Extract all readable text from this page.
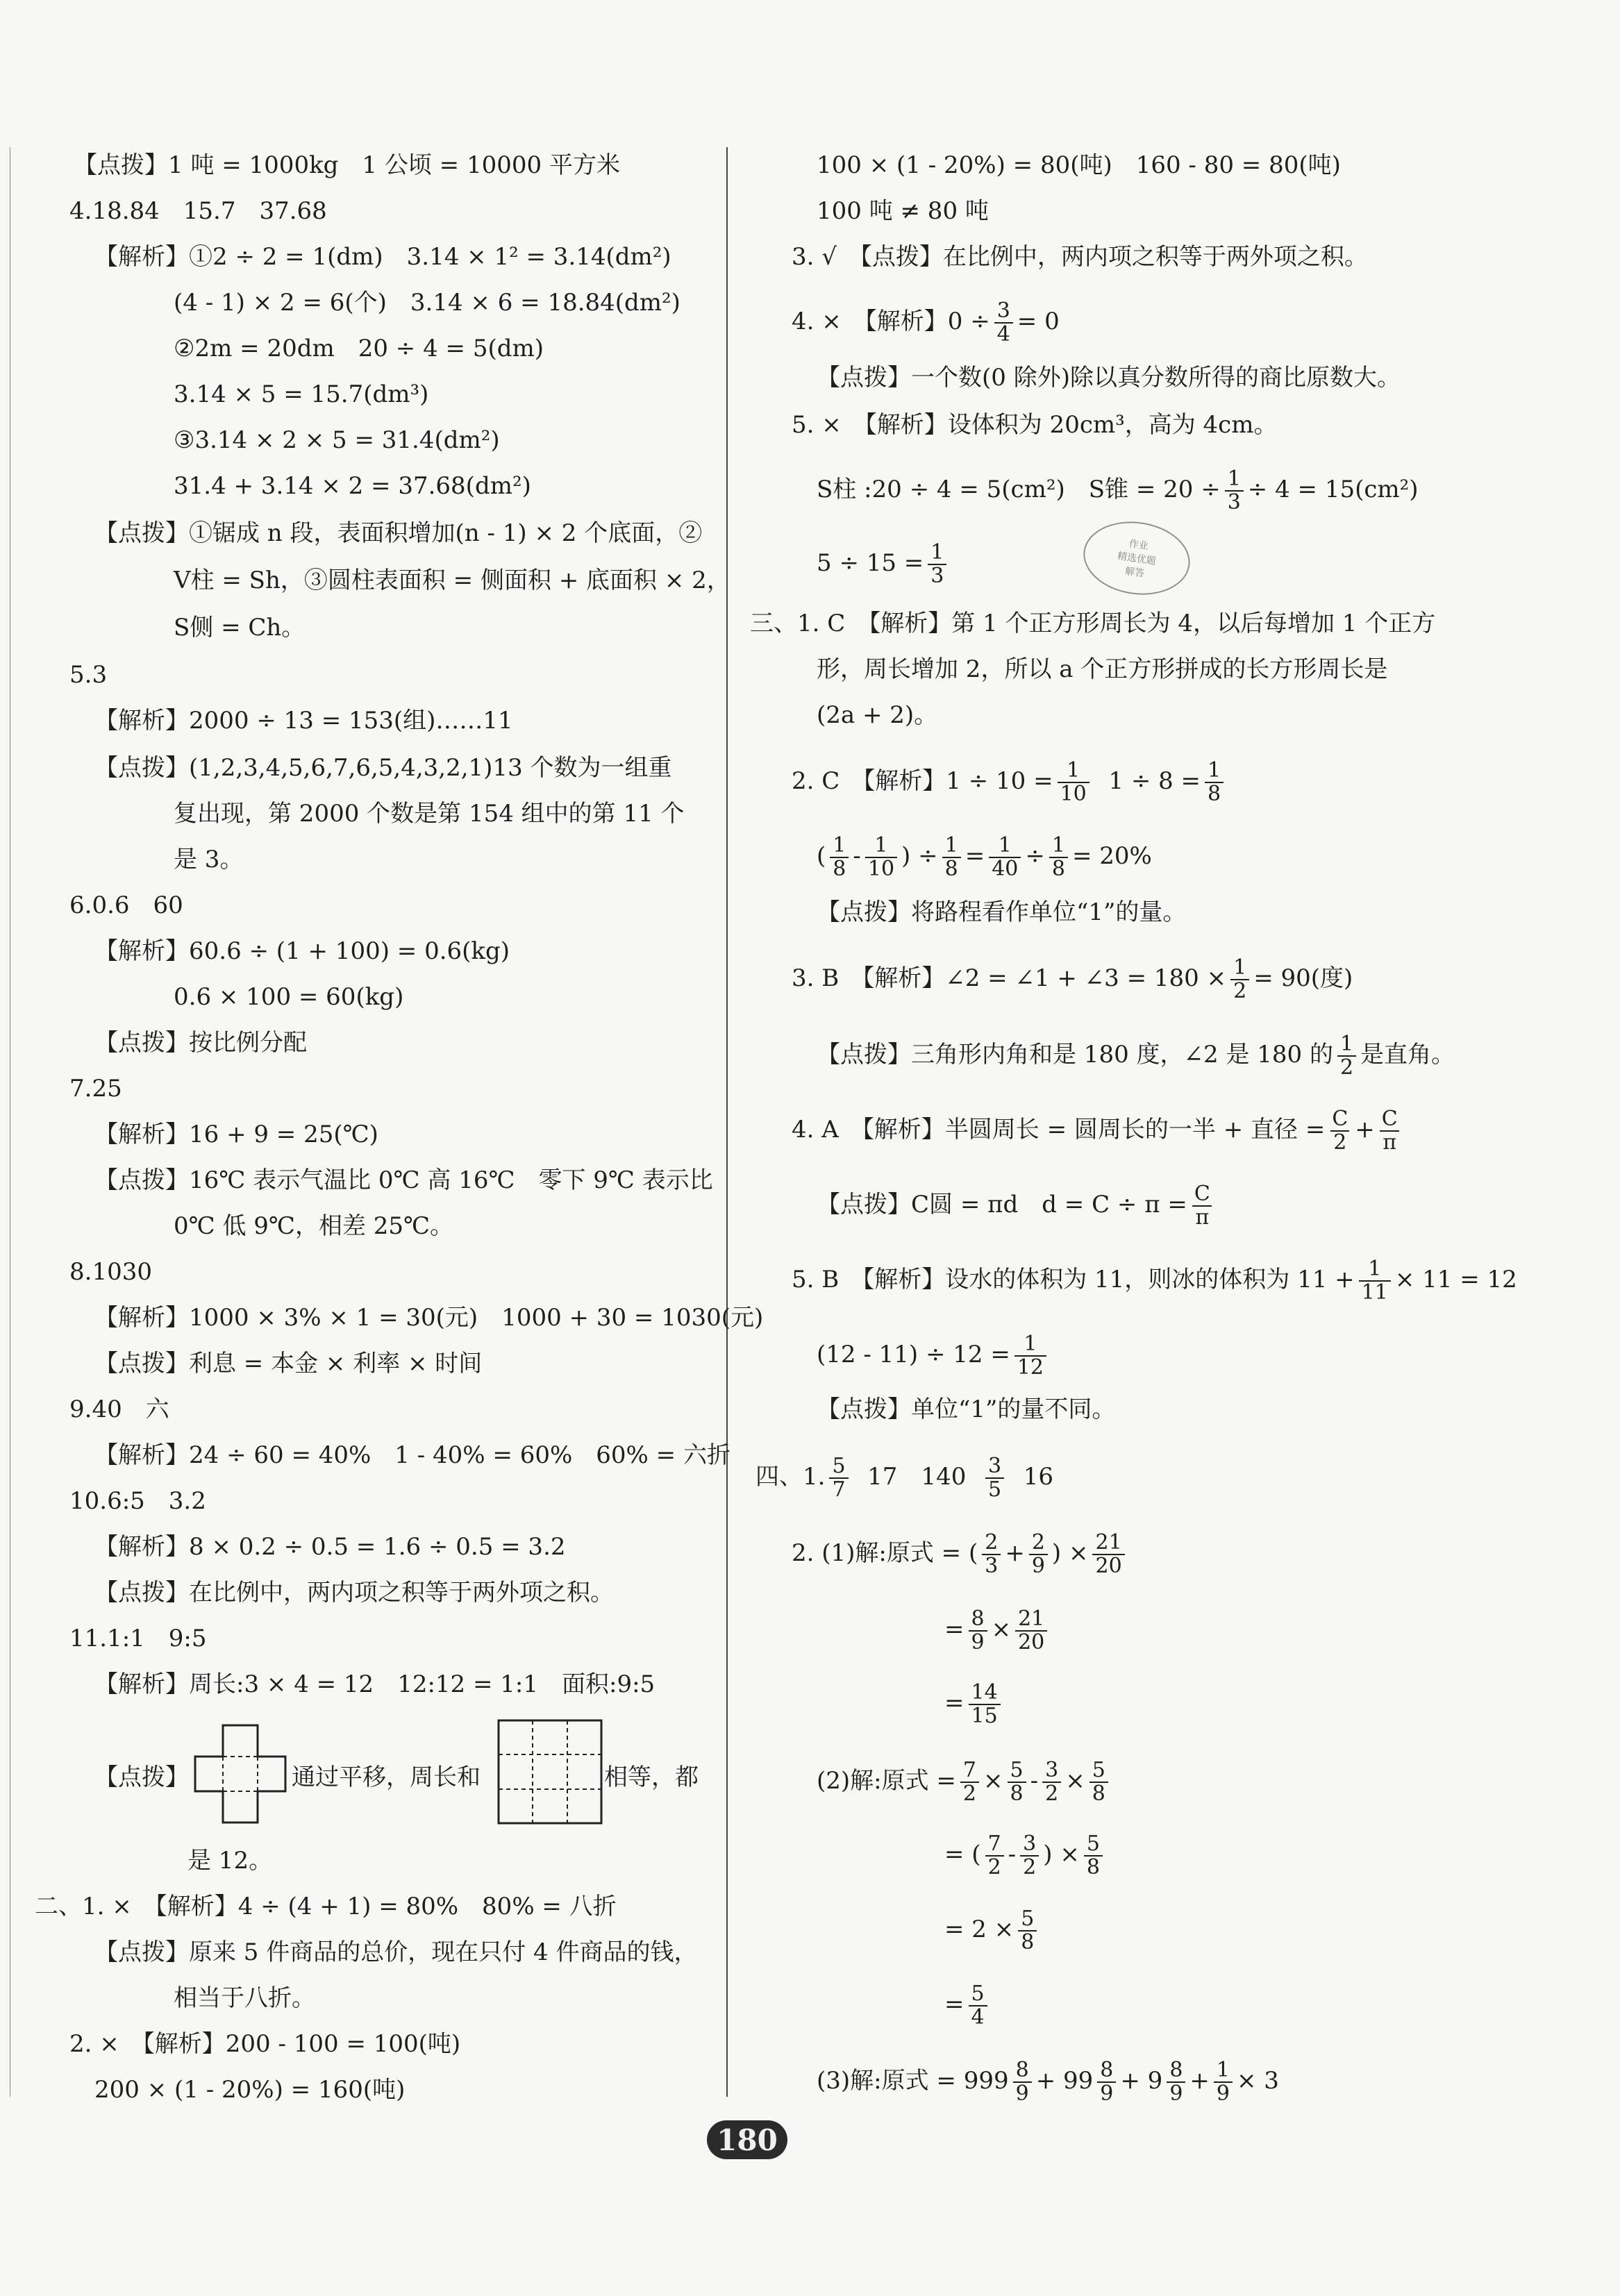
【点拨】1 吨 = 1000kg　1 公顷 = 10000 平方米
4.18.84　15.7　37.68
【解析】①2 ÷ 2 = 1(dm)　3.14 × 1² = 3.14(dm²)
(4 - 1) × 2 = 6(个)　3.14 × 6 = 18.84(dm²)
②2m = 20dm　20 ÷ 4 = 5(dm)
3.14 × 5 = 15.7(dm³)
③3.14 × 2 × 5 = 31.4(dm²)
31.4 + 3.14 × 2 = 37.68(dm²)
【点拨】①锯成 n 段，表面积增加(n - 1) × 2 个底面，②
V柱 = Sh，③圆柱表面积 = 侧面积 + 底面积 × 2，
S侧 = Ch。
5.3
【解析】2000 ÷ 13 = 153(组)……11
【点拨】(1,2,3,4,5,6,7,6,5,4,3,2,1)13 个数为一组重
复出现，第 2000 个数是第 154 组中的第 11 个
是 3。
6.0.6　60
【解析】60.6 ÷ (1 + 100) = 0.6(kg)
0.6 × 100 = 60(kg)
【点拨】按比例分配
7.25
【解析】16 + 9 = 25(℃)
【点拨】16℃ 表示气温比 0℃ 高 16℃　零下 9℃ 表示比
0℃ 低 9℃，相差 25℃。
8.1030
【解析】1000 × 3% × 1 = 30(元)　1000 + 30 = 1030(元)
【点拨】利息 = 本金 × 利率 × 时间
9.40　六
【解析】24 ÷ 60 = 40%　1 - 40% = 60%　60% = 六折
10.6:5　3.2
【解析】8 × 0.2 ÷ 0.5 = 1.6 ÷ 0.5 = 3.2
【点拨】在比例中，两内项之积等于两外项之积。
11.1:1　9:5
【解析】周长:3 × 4 = 12　12:12 = 1:1　面积:9:5
【点拨】	通过平移，周长和	相等，都
是 12。
二、1. ×　【解析】4 ÷ (4 + 1) = 80%　80% = 八折
【点拨】原来 5 件商品的总价，现在只付 4 件商品的钱，
相当于八折。
2. ×　【解析】200 - 100 = 100(吨)
200 × (1 - 20%) = 160(吨)
100 × (1 - 20%) = 80(吨)　160 - 80 = 80(吨)
100 吨 ≠ 80 吨
3. √　【点拨】在比例中，两内项之积等于两外项之积。
4. ×　【解析】$0 \div \frac{3}{4} = 0$
【点拨】一个数(0 除外)除以真分数所得的商比原数大。
5. ×　【解析】设体积为 20cm³，高为 4cm。
S柱 :20 ÷ 4 = 5(cm²)　S锥 = $20 \div \frac{1}{3} \div 4 = 15(cm^2)$
$5 \div 15 = \frac{1}{3}$
三、1. C　【解析】第 1 个正方形周长为 4，以后每增加 1 个正方
形，周长增加 2，所以 a 个正方形拼成的长方形周长是
(2a + 2)。
2. C　【解析】$1 \div 10 = \frac{1}{10} 1 \div 8 = \frac{1}{8}$
( $\frac{1}{8} - \frac{1}{10}$ ) ÷ $\frac{1}{8} = \frac{1}{40} \div \frac{1}{8} = 20\%$
【点拨】将路程看作单位“1”的量。
3. B　【解析】∠2 = ∠1 + ∠3 = $180 \times \frac{1}{2} = 90$(度)
【点拨】三角形内角和是 180 度，∠2 是 180 的 $\frac{1}{2}$ 是直角。
4. A　【解析】半圆周长 = 圆周长的一半 + 直径 = $\frac{C}{2} + \frac{C}{\pi}$
【点拨】C圆 = πd　$d = C \div \pi = \frac{C}{\pi}$
5. B　【解析】设水的体积为 11，则冰的体积为 $11 + \frac{1}{11} \times 11 = 12$
$(12 - 11) \div 12 = \frac{1}{12}$
【点拨】单位“1”的量不同。
四、1. $\frac{5}{7} 17$　$140 \frac{3}{5} 16$
2. (1)解:原式 = ( $\frac{2}{3} + \frac{2}{9}$ ) × $\frac{21}{20}$
= $\frac{8}{9} \times \frac{21}{20}$
= $\frac{14}{15}$
(2)解:原式 = $\frac{7}{2} \times \frac{5}{8} - \frac{3}{2} \times \frac{5}{8}$
= ( $\frac{7}{2} - \frac{3}{2}$ ) × $\frac{5}{8}$
= $2 \times \frac{5}{8}$
= $\frac{5}{4}$
(3)解:原式 = $999 \frac{8}{9} + 99 \frac{8}{9} + 9 \frac{8}{9} + \frac{1}{9} \times 3$
作业
精选优题
解答
180
